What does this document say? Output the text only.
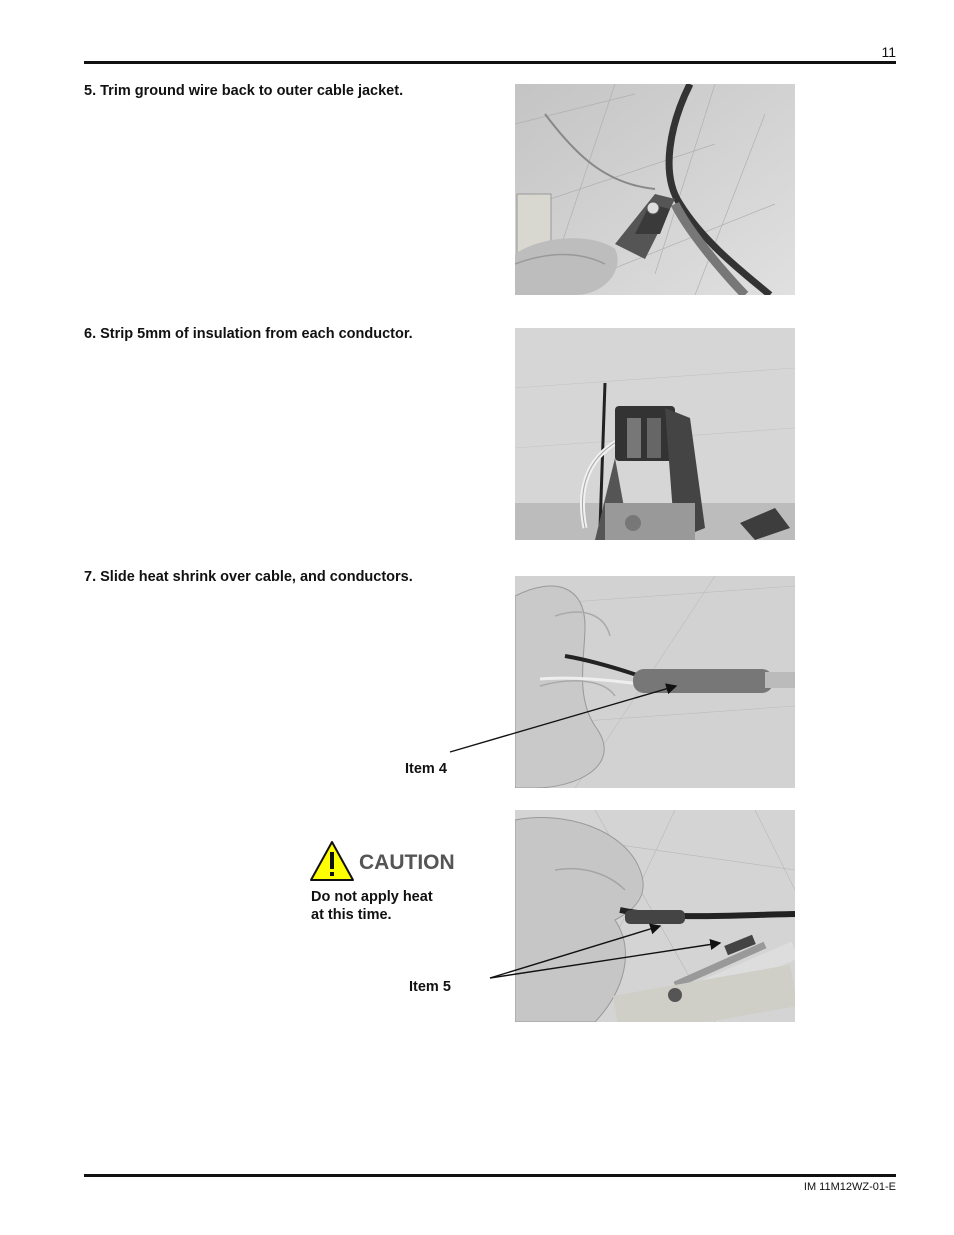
11
5. Trim ground wire back to outer cable jacket.
6. Strip 5mm of insulation from each conductor.
7. Slide heat shrink over cable, and conductors.
Item 4
CAUTION
Do not apply heat
at this time.
Item 5
IM 11M12WZ-01-E
